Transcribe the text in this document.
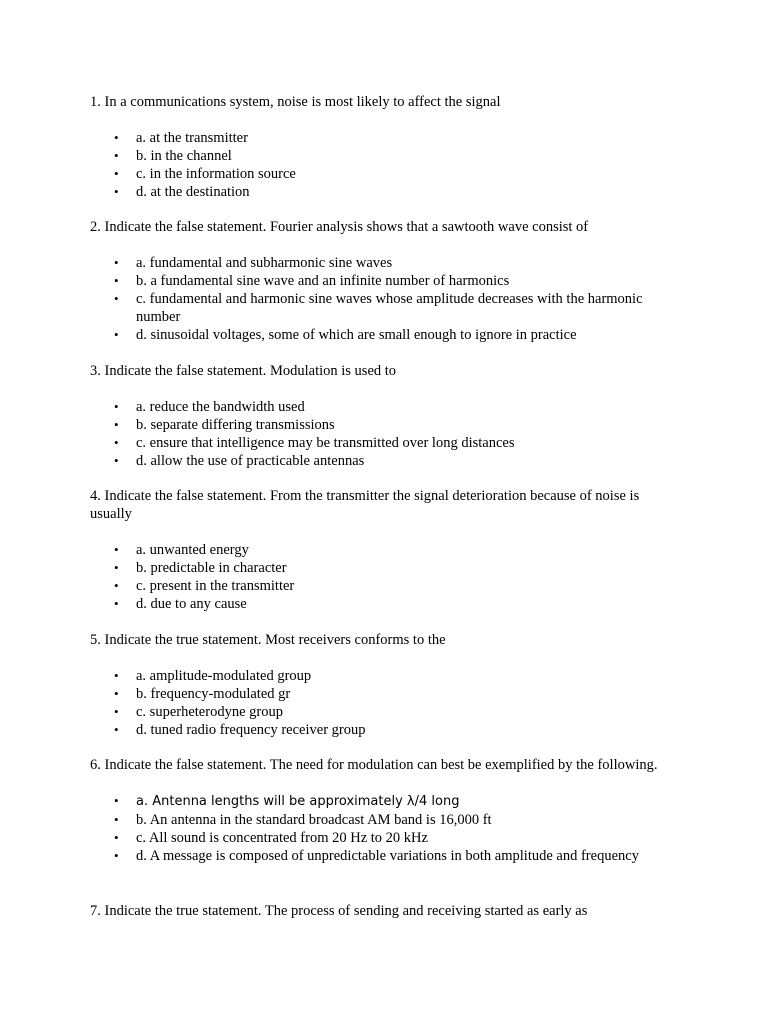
1. In a communications system, noise is most likely to affect the signal

• a. at the transmitter
• b. in the channel
• c. in the information source
• d. at the destination

2. Indicate the false statement. Fourier analysis shows that a sawtooth wave consist of

• a. fundamental and subharmonic sine waves
• b. a fundamental sine wave and an infinite number of harmonics
• c. fundamental and harmonic sine waves whose amplitude decreases with the harmonic number
• d. sinusoidal voltages, some of which are small enough to ignore in practice

3. Indicate the false statement. Modulation is used to

• a. reduce the bandwidth used
• b. separate differing transmissions
• c. ensure that intelligence may be transmitted over long distances
• d. allow the use of practicable antennas

4. Indicate the false statement. From the transmitter the signal deterioration because of noise is usually

• a. unwanted energy
• b. predictable in character
• c. present in the transmitter
• d. due to any cause

5. Indicate the true statement. Most receivers conforms to the

• a. amplitude-modulated group
• b. frequency-modulated gr
• c. superheterodyne group
• d. tuned radio frequency receiver group

6. Indicate the false statement. The need for modulation can best be exemplified by the following.

• a. Antenna lengths will be approximately λ/4 long
• b. An antenna in the standard broadcast AM band is 16,000 ft
• c. All sound is concentrated from 20 Hz to 20 kHz
• d. A message is composed of unpredictable variations in both amplitude and frequency

7. Indicate the true statement. The process of sending and receiving started as early as
